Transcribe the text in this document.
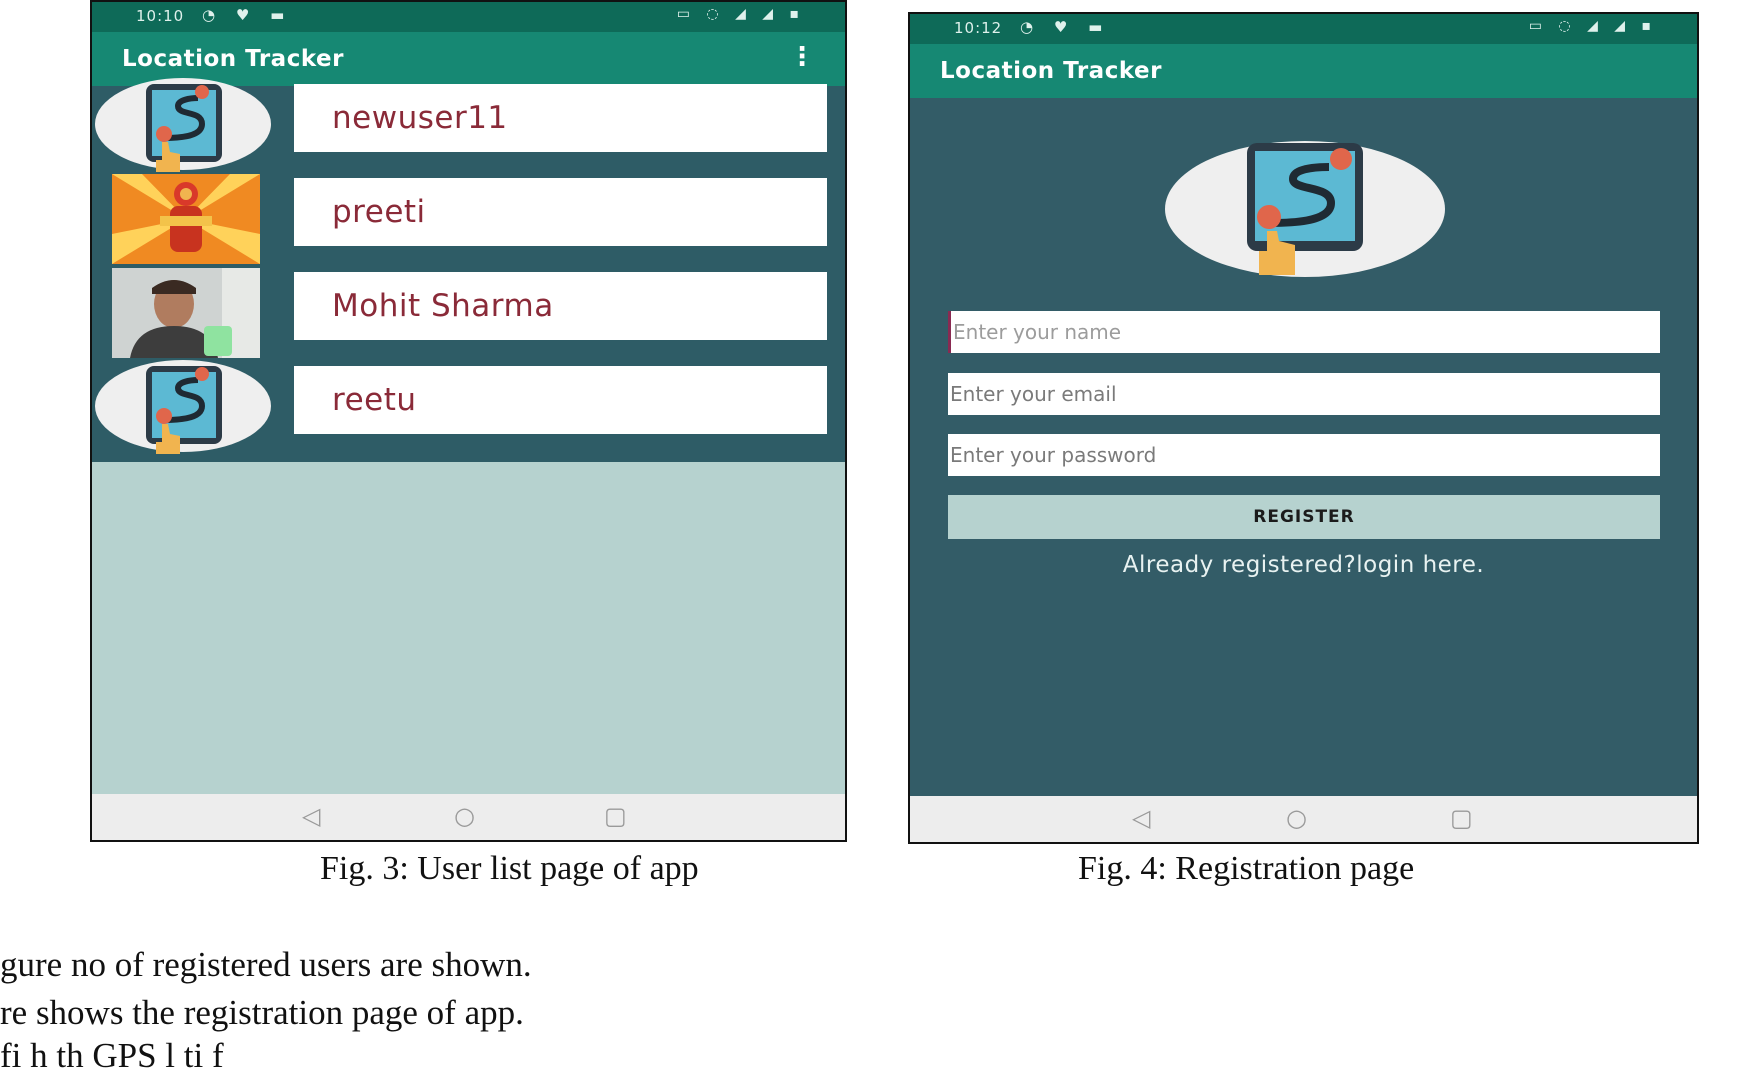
10:10 ◔ ♥ ▬	▭ ◌ ◢ ◢ ▪
Location Tracker	⋮
newuser11
preeti
Mohit Sharma
reetu
◁	○	▢
Fig. 3: User list page of app
10:12 ◔ ♥ ▬	▭ ◌ ◢ ◢ ▪
Location Tracker
Enter your name
Enter your email
Enter your password
REGISTER
Already registered?login here.
◁	○	▢
Fig. 4: Registration page
gure no of registered users are shown.
re shows the registration page of app.
fi h th GPS l ti f
